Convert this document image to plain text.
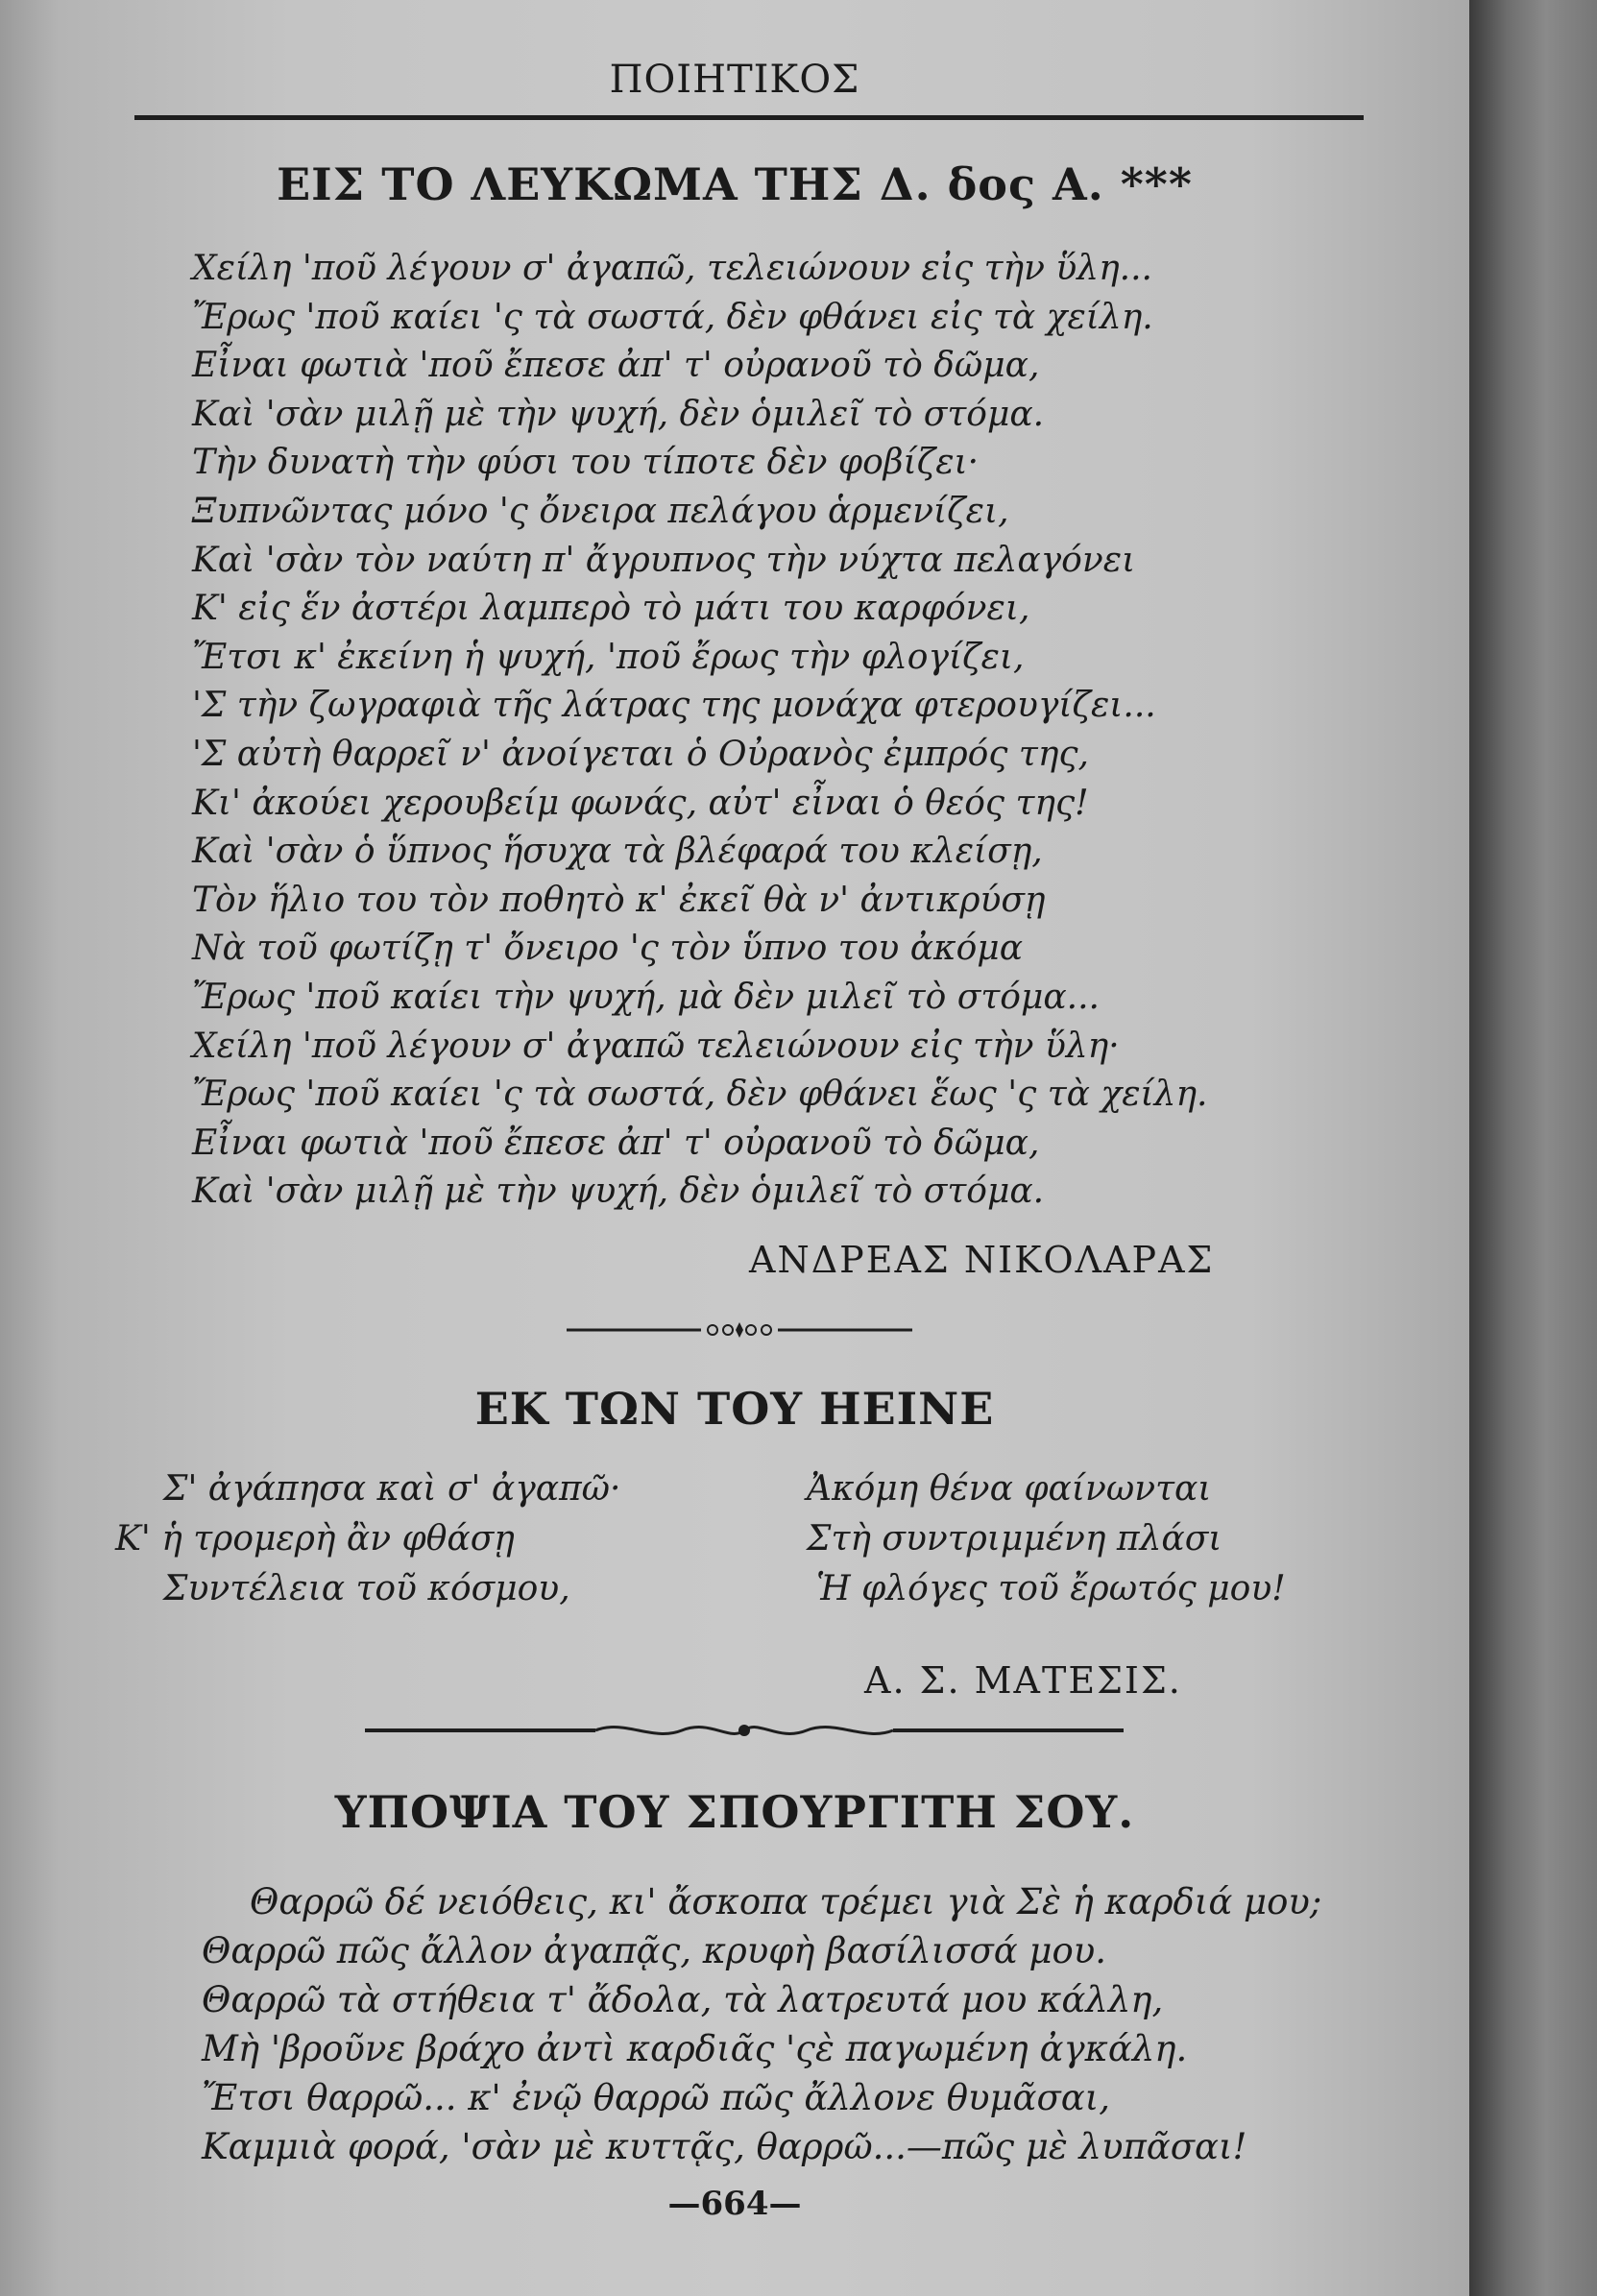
ΠΟΙΗΤΙΚΟΣ
ΕΙΣ ΤΟ ΛΕΥΚΩΜΑ ΤΗΣ Δ. δος Α. ***
Χείλη 'ποῦ λέγουν σ' ἀγαπῶ, τελειώνουν εἰς τὴν ὕλη...
Ἔρως 'ποῦ καίει 'ς τὰ σωστά, δὲν φθάνει εἰς τὰ χείλη.
Εἶναι φωτιὰ 'ποῦ ἔπεσε ἀπ' τ' οὐρανοῦ τὸ δῶμα,
Καὶ 'σὰν μιλῇ μὲ τὴν ψυχή, δὲν ὁμιλεῖ τὸ στόμα.
Τὴν δυνατὴ τὴν φύσι του τίποτε δὲν φοβίζει·
Ξυπνῶντας μόνο 'ς ὄνειρα πελάγου ἁρμενίζει,
Καὶ 'σὰν τὸν ναύτη π' ἄγρυπνος τὴν νύχτα πελαγόνει
Κ' εἰς ἕν ἀστέρι λαμπερὸ τὸ μάτι του καρφόνει,
Ἔτσι κ' ἐκείνη ἡ ψυχή, 'ποῦ ἔρως τὴν φλογίζει,
'Σ τὴν ζωγραφιὰ τῆς λάτρας της μονάχα φτερουγίζει...
'Σ αὐτὴ θαρρεῖ ν' ἀνοίγεται ὁ Οὐρανὸς ἐμπρός της,
Κι' ἀκούει χερουβείμ φωνάς, αὐτ' εἶναι ὁ θεός της!
Καὶ 'σὰν ὁ ὕπνος ἥσυχα τὰ βλέφαρά του κλείσῃ,
Τὸν ἥλιο του τὸν ποθητὸ κ' ἐκεῖ θὰ ν' ἀντικρύσῃ
Νὰ τοῦ φωτίζῃ τ' ὄνειρο 'ς τὸν ὕπνο του ἀκόμα
Ἔρως 'ποῦ καίει τὴν ψυχή, μὰ δὲν μιλεῖ τὸ στόμα...
Χείλη 'ποῦ λέγουν σ' ἀγαπῶ τελειώνουν εἰς τὴν ὕλη·
Ἔρως 'ποῦ καίει 'ς τὰ σωστά, δὲν φθάνει ἕως 'ς τὰ χείλη.
Εἶναι φωτιὰ 'ποῦ ἔπεσε ἀπ' τ' οὐρανοῦ τὸ δῶμα,
Καὶ 'σὰν μιλῇ μὲ τὴν ψυχή, δὲν ὁμιλεῖ τὸ στόμα.
ΑΝΔΡΕΑΣ ΝΙΚΟΛΑΡΑΣ
ΕΚ ΤΩΝ ΤΟΥ ΗΕΙΝΕ
Σ' ἀγάπησα καὶ σ' ἀγαπῶ·
Κ' ἡ τρομερὴ ἂν φθάσῃ
Συντέλεια τοῦ κόσμου,
Ἀκόμη θένα φαίνωνται
Στὴ συντριμμένη πλάσι
Ἡ φλόγες τοῦ ἔρωτός μου!
Α. Σ. ΜΑΤΕΣΙΣ.
ΥΠΟΨΙΑ ΤΟΥ ΣΠΟΥΡΓΙΤΗ ΣΟΥ.
Θαρρῶ δέ νειόθεις, κι' ἄσκοπα τρέμει γιὰ Σὲ ἡ καρδιά μου;
Θαρρῶ πῶς ἄλλον ἀγαπᾷς, κρυφὴ βασίλισσά μου.
Θαρρῶ τὰ στήθεια τ' ἄδολα, τὰ λατρευτά μου κάλλη,
Μὴ 'βροῦνε βράχο ἀντὶ καρδιᾶς 'ςὲ παγωμένη ἀγκάλη.
Ἔτσι θαρρῶ... κ' ἐνῷ θαρρῶ πῶς ἄλλονε θυμᾶσαι,
Καμμιὰ φορά, 'σὰν μὲ κυττᾷς, θαρρῶ...—πῶς μὲ λυπᾶσαι!
—664—
